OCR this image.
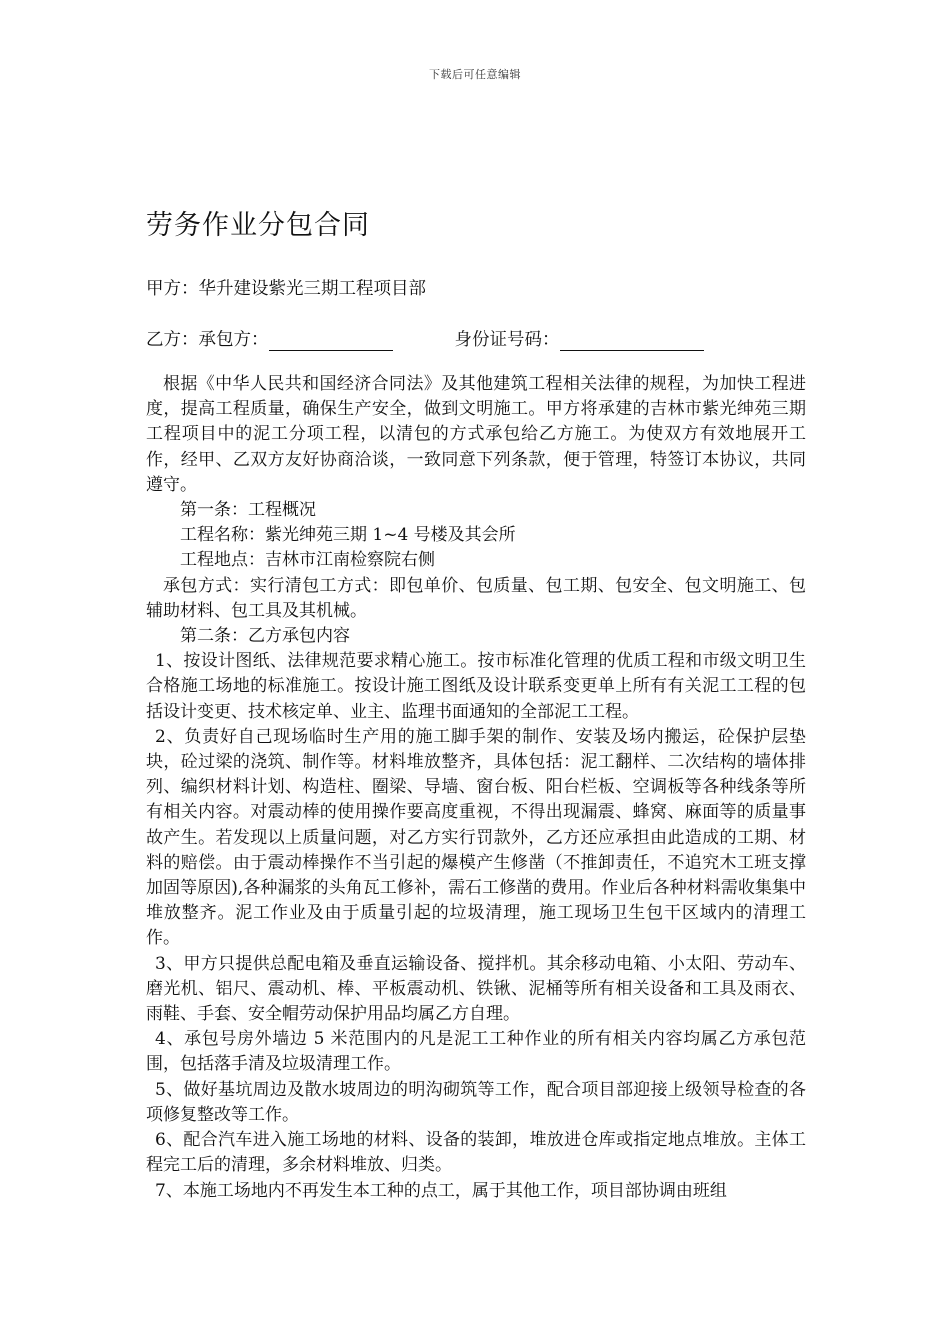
下载后可任意编辑
劳务作业分包合同

甲方：华升建设紫光三期工程项目部

乙方：承包方：	身份证号码：

根据《中华人民共和国经济合同法》及其他建筑工程相关法律的规程，为加快工程进度，提高工程质量，确保生产安全，做到文明施工。甲方将承建的吉林市紫光绅苑三期工程项目中的泥工分项工程，以清包的方式承包给乙方施工。为使双方有效地展开工作，经甲、乙双方友好协商洽谈，一致同意下列条款，便于管理，特签订本协议，共同遵守。

第一条：工程概况

工程名称：紫光绅苑三期 1~4 号楼及其会所

工程地点：吉林市江南检察院右侧

承包方式：实行清包工方式：即包单价、包质量、包工期、包安全、包文明施工、包辅助材料、包工具及其机械。

第二条：乙方承包内容

1、按设计图纸、法律规范要求精心施工。按市标准化管理的优质工程和市级文明卫生合格施工场地的标准施工。按设计施工图纸及设计联系变更单上所有有关泥工工程的包括设计变更、技术核定单、业主、监理书面通知的全部泥工工程。

2、负责好自己现场临时生产用的施工脚手架的制作、安装及场内搬运，砼保护层垫块，砼过梁的浇筑、制作等。材料堆放整齐，具体包括：泥工翻样、二次结构的墙体排列、编织材料计划、构造柱、圈梁、导墙、窗台板、阳台栏板、空调板等各种线条等所有相关内容。对震动棒的使用操作要高度重视，不得出现漏震、蜂窝、麻面等的质量事故产生。若发现以上质量问题，对乙方实行罚款外，乙方还应承担由此造成的工期、材料的赔偿。由于震动棒操作不当引起的爆模产生修凿（不推卸责任，不追究木工班支撑加固等原因),各种漏浆的头角瓦工修补，需石工修凿的费用。作业后各种材料需收集集中堆放整齐。泥工作业及由于质量引起的垃圾清理，施工现场卫生包干区域内的清理工作。

3、甲方只提供总配电箱及垂直运输设备、搅拌机。其余移动电箱、小太阳、劳动车、磨光机、铝尺、震动机、棒、平板震动机、铁锹、泥桶等所有相关设备和工具及雨衣、雨鞋、手套、安全帽劳动保护用品均属乙方自理。

4、承包号房外墙边 5 米范围内的凡是泥工工种作业的所有相关内容均属乙方承包范围，包括落手清及垃圾清理工作。

5、做好基坑周边及散水坡周边的明沟砌筑等工作，配合项目部迎接上级领导检查的各项修复整改等工作。

6、配合汽车进入施工场地的材料、设备的装卸，堆放进仓库或指定地点堆放。主体工程完工后的清理，多余材料堆放、归类。

7、本施工场地内不再发生本工种的点工，属于其他工作，项目部协调由班组
